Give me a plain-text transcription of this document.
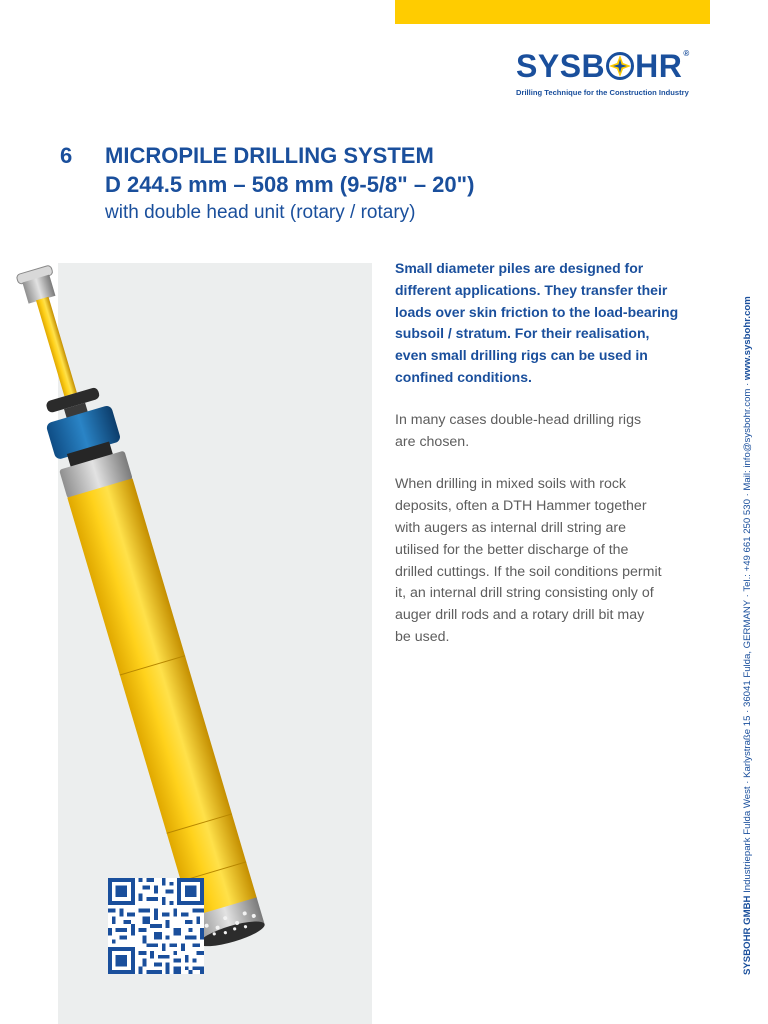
SYSB HR ®
Drilling Technique for the Construction Industry
6 MICROPILE DRILLING SYSTEM
D 244.5 mm – 508 mm (9-5/8" – 20")
with double head unit (rotary / rotary)

Small diameter piles are designed for
different applications. They transfer their
loads over skin friction to the load-bearing
subsoil / stratum. For their realisation,
even small drilling rigs can be used in
confined conditions.

In many cases double-head drilling rigs
are chosen.

When drilling in mixed soils with rock
deposits, often a DTH Hammer together
with augers as internal drill string are
utilised for the better discharge of the
drilled cuttings. If the soil conditions permit
it, an internal drill string consisting only of
auger drill rods and a rotary drill bit may
be used.

SYSBOHR GMBH Industriepark Fulda West · Karlystraße 15 · 36041 Fulda, GERMANY · Tel.: +49 661 250 530 · Mail: info@sysbohr.com · www.sysbohr.com
